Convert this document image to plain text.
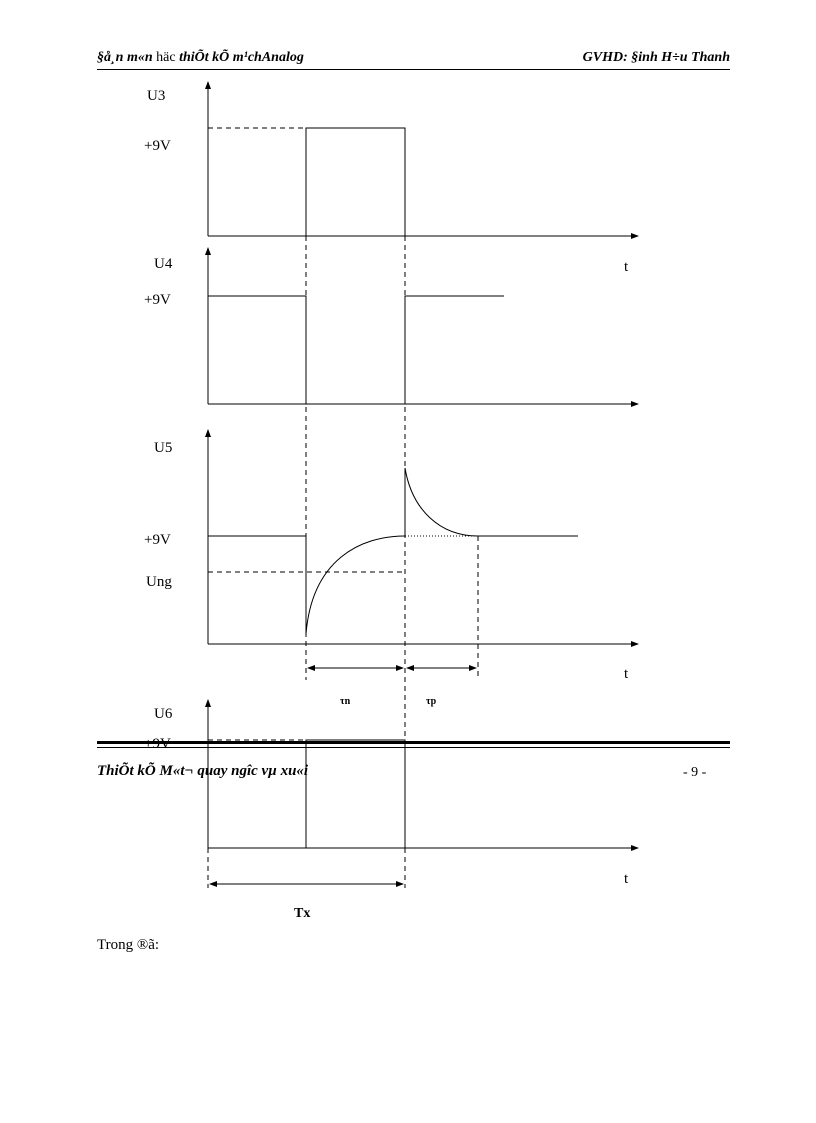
§å¸n m«n häc thiÕt kÕ m¹chAnalog	GVHD: §inh H÷u Thanh
U3
+9V
t
U4
+9V
U5
+9V
Ung
t
τn	τp
U6
+9V
t
Tx
Trong ®ã:
ThiÕt kÕ M«t¬ quay ngîc vµ xu«i	- 9 -
